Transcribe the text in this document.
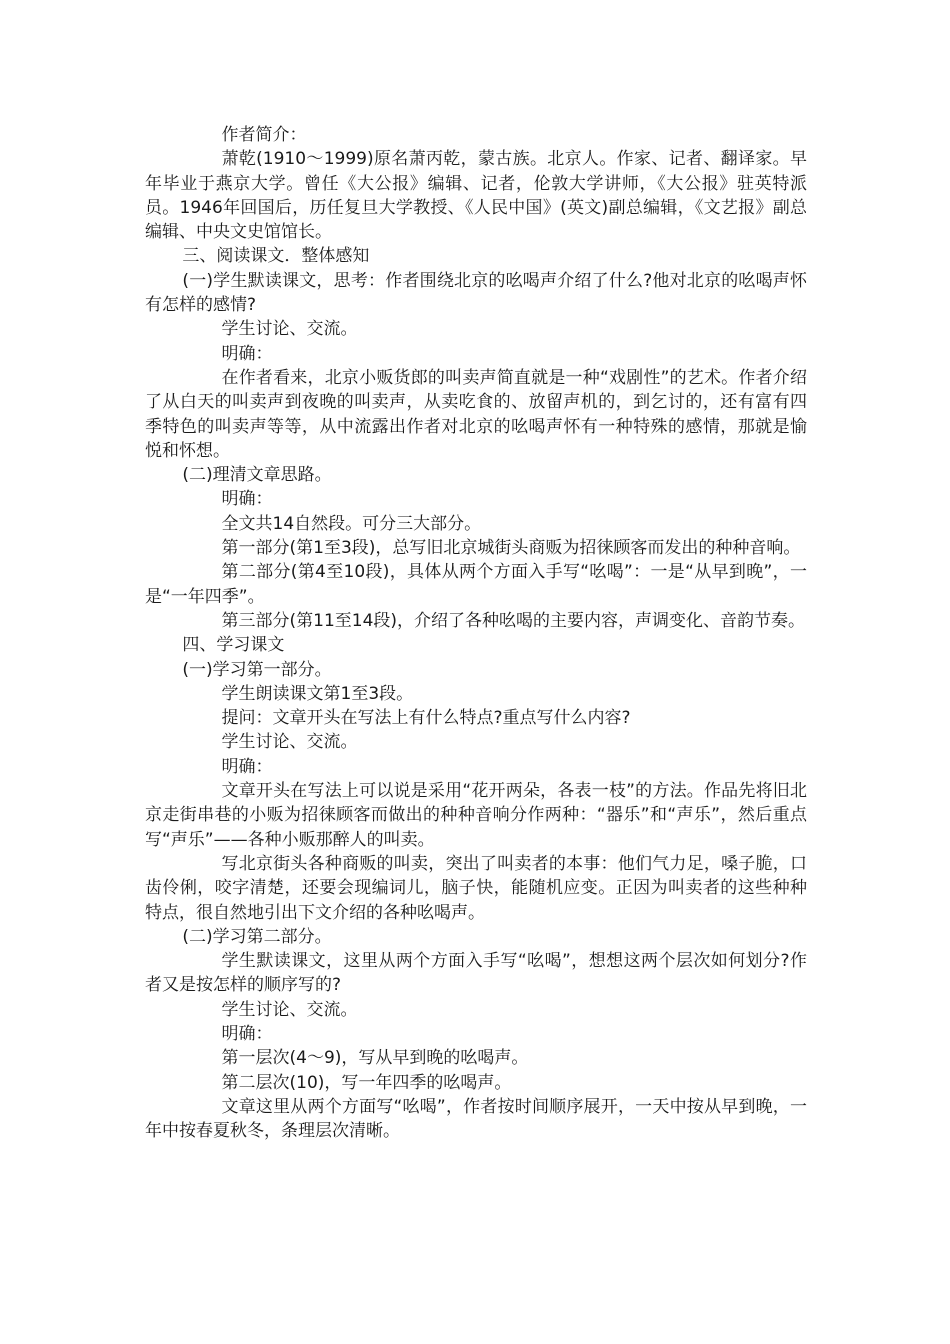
作者简介：

萧乾(1910～1999)原名萧丙乾，蒙古族。北京人。作家、记者、翻译家。早年毕业于燕京大学。曾任《大公报》编辑、记者，伦敦大学讲师，《大公报》驻英特派员。1946年回国后，历任复旦大学教授、《人民中国》(英文)副总编辑，《文艺报》副总编辑、中央文史馆馆长。

三、阅读课文．整体感知

(一)学生默读课文，思考：作者围绕北京的吆喝声介绍了什么?他对北京的吆喝声怀有怎样的感情?

学生讨论、交流。

明确：

在作者看来，北京小贩货郎的叫卖声简直就是一种“戏剧性”的艺术。作者介绍了从白天的叫卖声到夜晚的叫卖声，从卖吃食的、放留声机的，到乞讨的，还有富有四季特色的叫卖声等等，从中流露出作者对北京的吆喝声怀有一种特殊的感情，那就是愉悦和怀想。

(二)理清文章思路。

明确：

全文共14自然段。可分三大部分。

第一部分(第1至3段)，总写旧北京城街头商贩为招徕顾客而发出的种种音响。

第二部分(第4至10段)，具体从两个方面入手写“吆喝”：一是“从早到晚”，一是“一年四季”。

第三部分(第11至14段)，介绍了各种吆喝的主要内容，声调变化、音韵节奏。

四、学习课文

(一)学习第一部分。

学生朗读课文第1至3段。

提问：文章开头在写法上有什么特点?重点写什么内容?

学生讨论、交流。

明确：

文章开头在写法上可以说是采用“花开两朵，各表一枝”的方法。作品先将旧北京走街串巷的小贩为招徕顾客而做出的种种音响分作两种：“器乐”和“声乐”，然后重点写“声乐”——各种小贩那醉人的叫卖。

写北京街头各种商贩的叫卖，突出了叫卖者的本事：他们气力足，嗓子脆，口齿伶俐，咬字清楚，还要会现编词儿，脑子快，能随机应变。正因为叫卖者的这些种种特点，很自然地引出下文介绍的各种吆喝声。

(二)学习第二部分。

学生默读课文，这里从两个方面入手写“吆喝”，想想这两个层次如何划分?作者又是按怎样的顺序写的?

学生讨论、交流。

明确：

第一层次(4～9)，写从早到晚的吆喝声。

第二层次(10)，写一年四季的吆喝声。

文章这里从两个方面写“吆喝”，作者按时间顺序展开，一天中按从早到晚，一年中按春夏秋冬，条理层次清晰。
